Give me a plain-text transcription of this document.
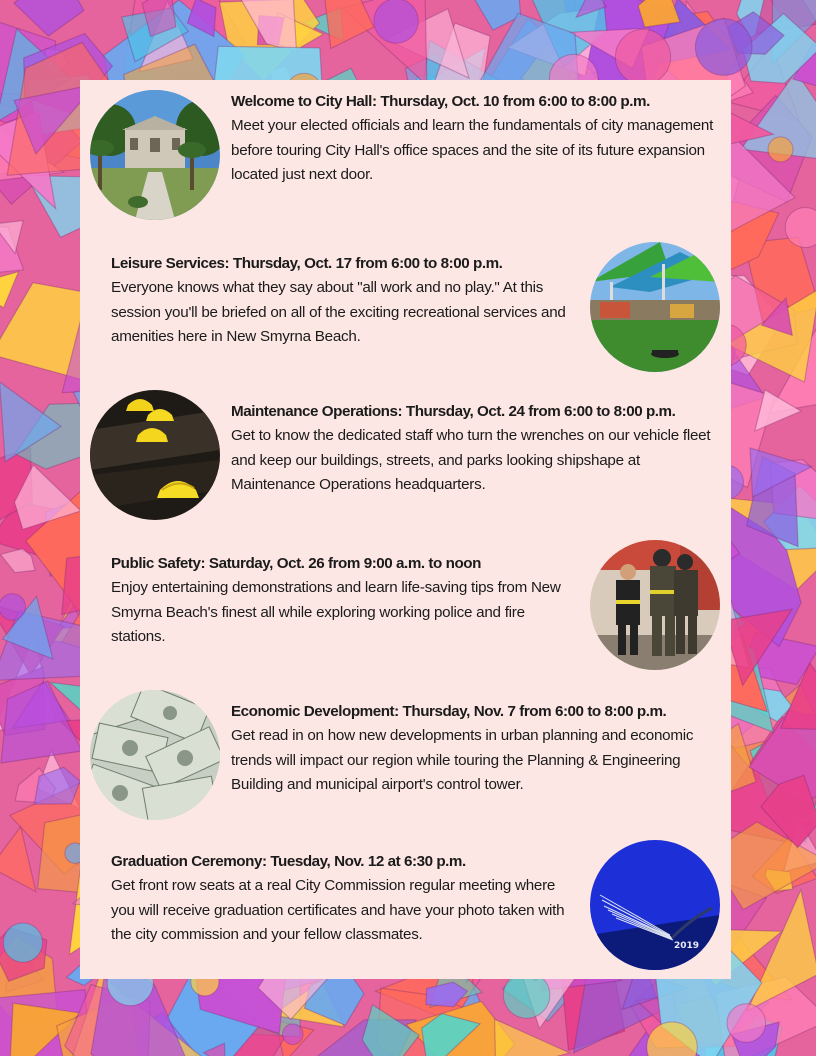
Welcome to City Hall: Thursday, Oct. 10 from 6:00 to 8:00 p.m.
Meet your elected officials and learn the fundamentals of city management before touring City Hall's office spaces and the site of its future expansion located just next door.
Leisure Services: Thursday, Oct. 17 from 6:00 to 8:00 p.m.
Everyone knows what they say about "all work and no play." At this session you'll be briefed on all of the exciting recreational services and amenities here in New Smyrna Beach.
Maintenance Operations: Thursday, Oct. 24 from 6:00 to 8:00 p.m.
Get to know the dedicated staff who turn the wrenches on our vehicle fleet and keep our buildings, streets, and parks looking shipshape at Maintenance Operations headquarters.
Public Safety: Saturday, Oct. 26 from 9:00 a.m. to noon
Enjoy entertaining demonstrations and learn life-saving tips from New Smyrna Beach's finest all while exploring working police and fire stations.
Economic Development: Thursday, Nov. 7 from 6:00 to 8:00 p.m.
Get read in on how new developments in urban planning and economic trends will impact our region while touring the Planning & Engineering Building and municipal airport's control tower.
Graduation Ceremony: Tuesday, Nov. 12 at 6:30 p.m.
Get front row seats at a real City Commission regular meeting where you will receive graduation certificates and have your photo taken with the city commission and your fellow classmates.
2019
